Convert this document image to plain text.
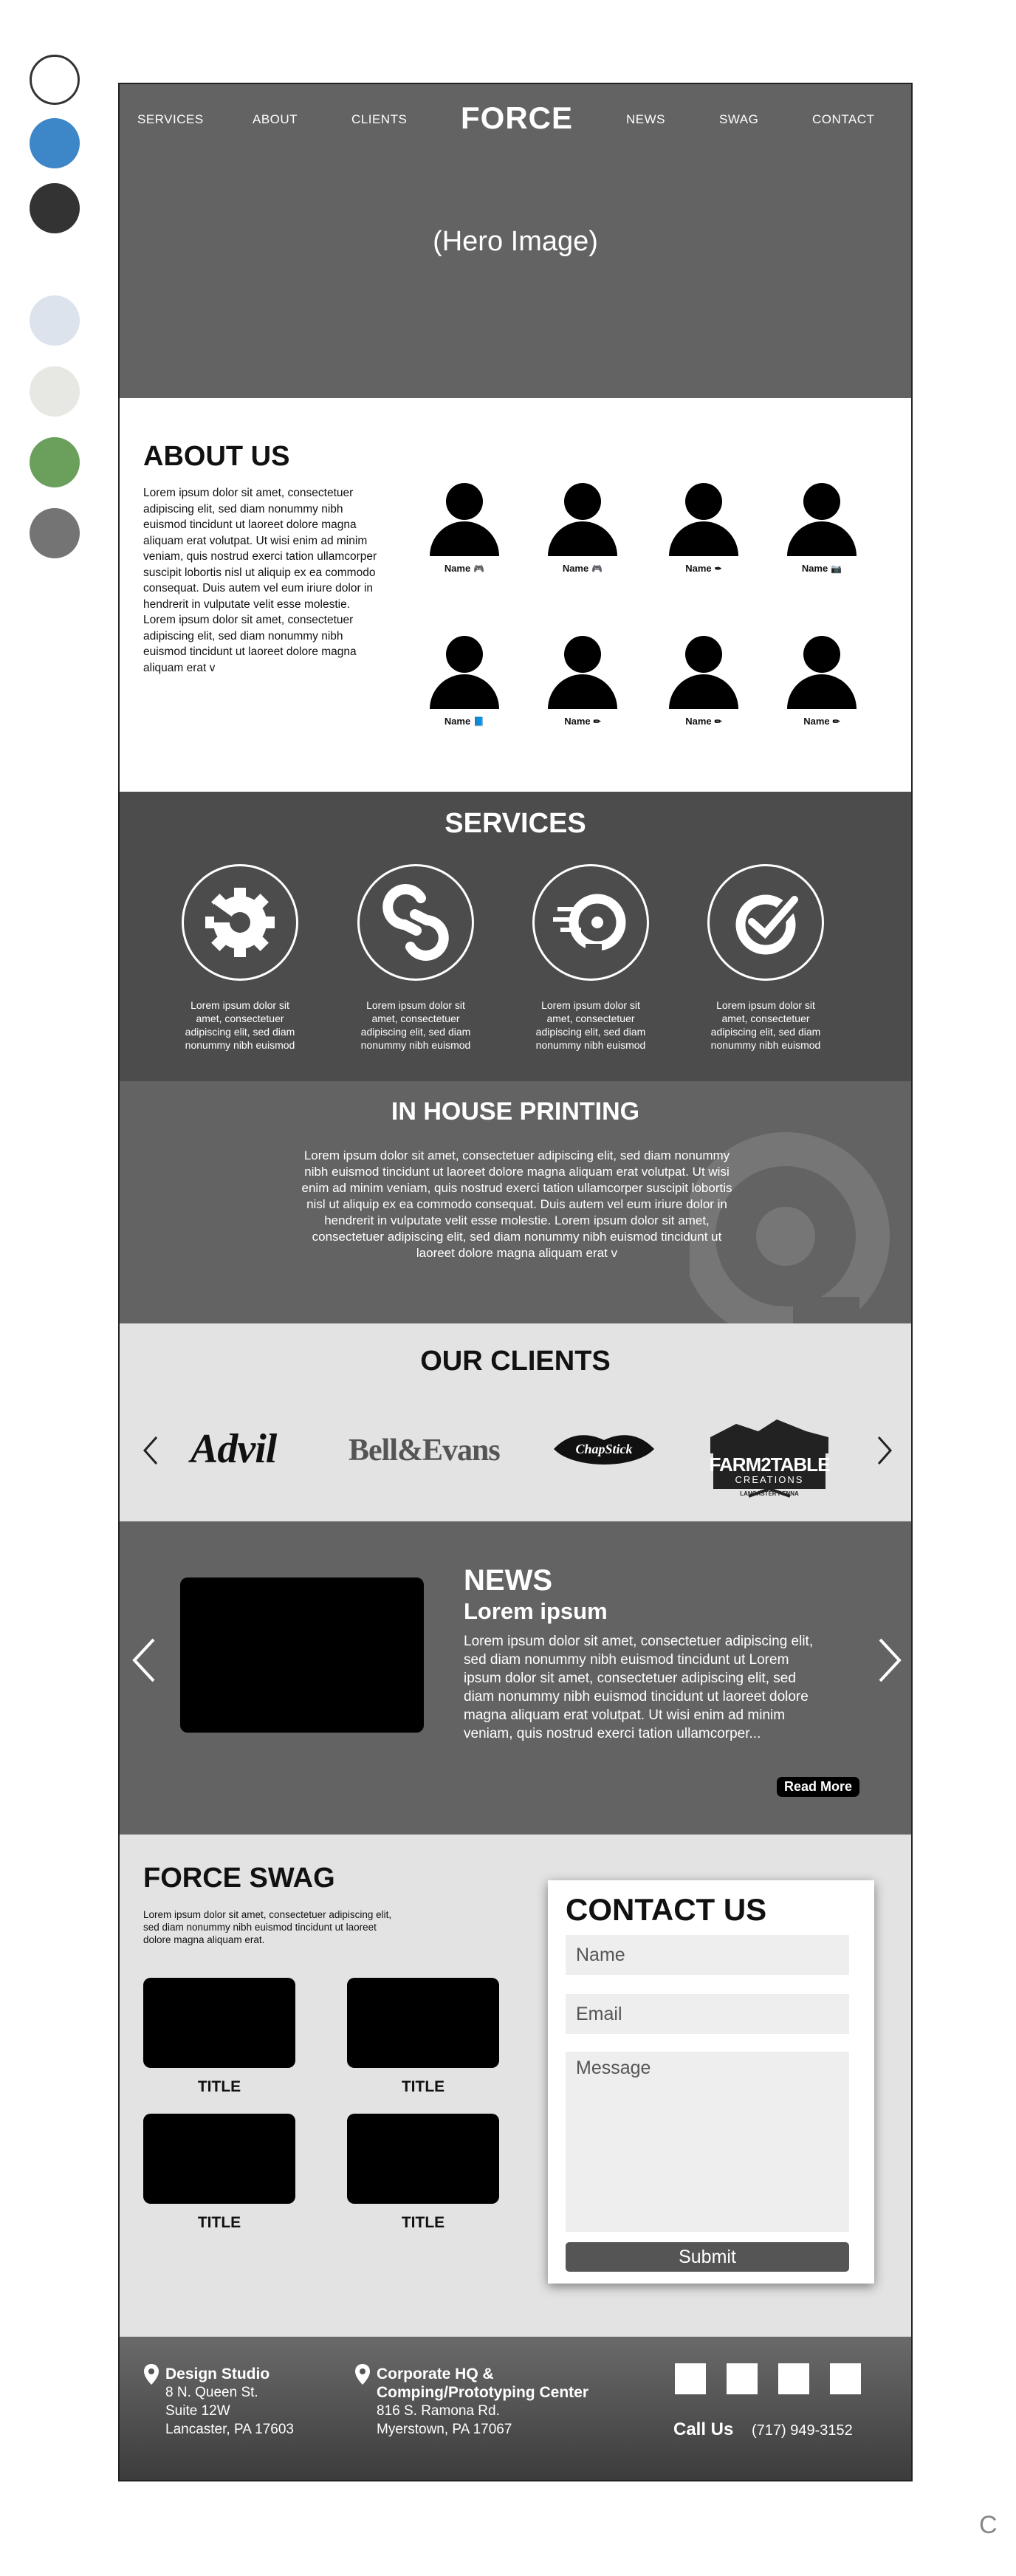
SERVICES	ABOUT	CLIENTS FORCE	NEWS	SWAG	CONTACT
(Hero Image)
ABOUT US

Lorem ipsum dolor sit amet, consectetuer adipiscing elit, sed diam nonummy nibh euismod tincidunt ut laoreet dolore magna aliquam erat volutpat. Ut wisi enim ad minim veniam, quis nostrud exerci tation ullamcorper suscipit lobortis nisl ut aliquip ex ea commodo consequat. Duis autem vel eum iriure dolor in hendrerit in vulputate velit esse molestie. Lorem ipsum dolor sit amet, consectetuer adipiscing elit, sed diam nonummy nibh euismod tincidunt ut laoreet dolore magna aliquam erat v

Name 🎮	Name 🎮	Name ✒	Name 📷
Name 📘	Name ✏	Name ✏	Name ✏
SERVICES

Lorem ipsum dolor sit amet, consectetuer adipiscing elit, sed diam nonummy nibh euismod

Lorem ipsum dolor sit amet, consectetuer adipiscing elit, sed diam nonummy nibh euismod

Lorem ipsum dolor sit amet, consectetuer adipiscing elit, sed diam nonummy nibh euismod

Lorem ipsum dolor sit amet, consectetuer adipiscing elit, sed diam nonummy nibh euismod

IN HOUSE PRINTING

Lorem ipsum dolor sit amet, consectetuer adipiscing elit, sed diam nonummy nibh euismod tincidunt ut laoreet dolore magna aliquam erat volutpat. Ut wisi enim ad minim veniam, quis nostrud exerci tation ullamcorper suscipit lobortis nisl ut aliquip ex ea commodo consequat. Duis autem vel eum iriure dolor in hendrerit in vulputate velit esse molestie. Lorem ipsum dolor sit amet, consectetuer adipiscing elit, sed diam nonummy nibh euismod tincidunt ut laoreet dolore magna aliquam erat v

OUR CLIENTS
Advil Bell&Evans	ChapStick
FARM2TABLE
CREATIONS
LANCASTER PENNA
NEWS
Lorem ipsum

Lorem ipsum dolor sit amet, consectetuer adipiscing elit, sed diam nonummy nibh euismod tincidunt ut Lorem ipsum dolor sit amet, consectetuer adipiscing elit, sed diam nonummy nibh euismod tincidunt ut laoreet dolore magna aliquam erat volutpat. Ut wisi enim ad minim veniam, quis nostrud exerci tation ullamcorper...

Read More
FORCE SWAG

Lorem ipsum dolor sit amet, consectetuer adipiscing elit, sed diam nonummy nibh euismod tincidunt ut laoreet dolore magna aliquam erat.

TITLE	TITLE
TITLE	TITLE
CONTACT US
Name
Email
Message
Submit
Design Studio
8 N. Queen St.
Suite 12W
Lancaster, PA 17603
Corporate HQ &
Comping/Prototyping Center
816 S. Ramona Rd.
Myerstown, PA 17067	Call Us (717) 949-3152
C
